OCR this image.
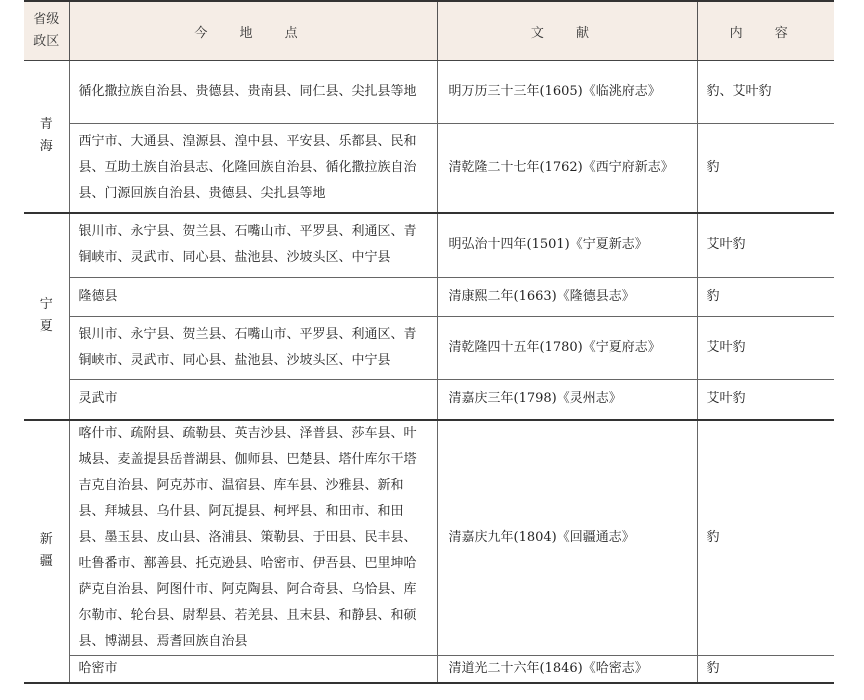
省级政区	今 地 点	文 献	内 容
青海	循化撒拉族自治县、贵德县、贵南县、同仁县、尖扎县等地	明万历三十三年(1605)《临洮府志》	豹、艾叶豹
	西宁市、大通县、湟源县、湟中县、平安县、乐都县、民和县、互助土族自治县志、化隆回族自治县、循化撒拉族自治县、门源回族自治县、贵德县、尖扎县等地	清乾隆二十七年(1762)《西宁府新志》	豹
宁夏	银川市、永宁县、贺兰县、石嘴山市、平罗县、利通区、青铜峡市、灵武市、同心县、盐池县、沙坡头区、中宁县	明弘治十四年(1501)《宁夏新志》	艾叶豹
	隆德县	清康熙二年(1663)《隆德县志》	豹
	银川市、永宁县、贺兰县、石嘴山市、平罗县、利通区、青铜峡市、灵武市、同心县、盐池县、沙坡头区、中宁县	清乾隆四十五年(1780)《宁夏府志》	艾叶豹
	灵武市	清嘉庆三年(1798)《灵州志》	艾叶豹
新疆	喀什市、疏附县、疏勒县、英吉沙县、泽普县、莎车县、叶城县、麦盖提县岳普湖县、伽师县、巴楚县、塔什库尔干塔吉克自治县、阿克苏市、温宿县、库车县、沙雅县、新和县、拜城县、乌什县、阿瓦提县、柯坪县、和田市、和田县、墨玉县、皮山县、洛浦县、策勒县、于田县、民丰县、吐鲁番市、鄯善县、托克逊县、哈密市、伊吾县、巴里坤哈萨克自治县、阿图什市、阿克陶县、阿合奇县、乌恰县、库尔勒市、轮台县、尉犁县、若羌县、且末县、和静县、和硕县、博湖县、焉耆回族自治县	清嘉庆九年(1804)《回疆通志》	豹
	哈密市	清道光二十六年(1846)《哈密志》	豹
